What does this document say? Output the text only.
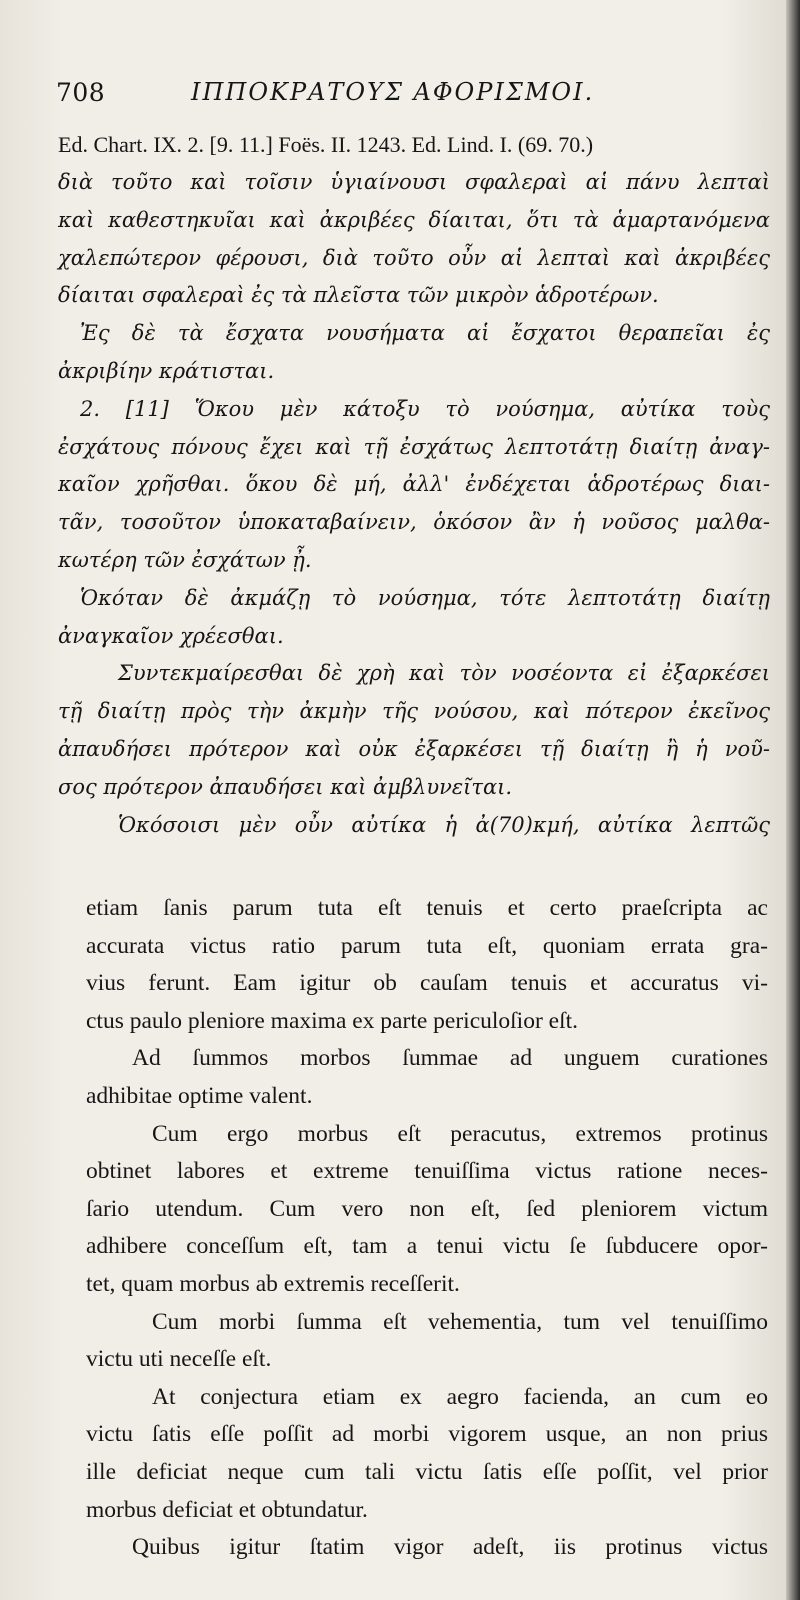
708	ΙΠΠΟΚΡΑΤΟΥΣ ΑΦΟΡΙΣΜΟΙ.
Ed. Chart. IX. 2. [9. 11.] Foës. II. 1243. Ed. Lind. I. (69. 70.)
διὰ τοῦτο καὶ τοῖσιν ὑγιαίνουσι σφαλεραὶ αἱ πάνυ λεπταὶ
καὶ καθεστηκυῖαι καὶ ἀκριβέες δίαιται, ὅτι τὰ ἁμαρτανόμενα
χαλεπώτερον φέρουσι, διὰ τοῦτο οὖν αἱ λεπταὶ καὶ ἀκριβέες
δίαιται σφαλεραὶ ἐς τὰ πλεῖστα τῶν μικρὸν ἁδροτέρων.
Ἐς δὲ τὰ ἔσχατα νουσήματα αἱ ἔσχατοι θεραπεῖαι ἐς
ἀκριβίην κράτισται.
2. [11] Ὅκου μὲν κάτοξυ τὸ νούσημα, αὐτίκα τοὺς
ἐσχάτους πόνους ἔχει καὶ τῇ ἐσχάτως λεπτοτάτῃ διαίτῃ ἀναγ-
καῖον χρῆσθαι. ὅκου δὲ μή, ἀλλ' ἐνδέχεται ἁδροτέρως διαι-
τᾶν, τοσοῦτον ὑποκαταβαίνειν, ὁκόσον ἂν ἡ νοῦσος μαλθα-
κωτέρη τῶν ἐσχάτων ᾖ.
Ὁκόταν δὲ ἀκμάζῃ τὸ νούσημα, τότε λεπτοτάτῃ διαίτῃ
ἀναγκαῖον χρέεσθαι.
Συντεκμαίρεσθαι δὲ χρὴ καὶ τὸν νοσέοντα εἰ ἐξαρκέσει
τῇ διαίτῃ πρὸς τὴν ἀκμὴν τῆς νούσου, καὶ πότερον ἐκεῖνος
ἀπαυδήσει πρότερον καὶ οὐκ ἐξαρκέσει τῇ διαίτῃ ἢ ἡ νοῦ-
σος πρότερον ἀπαυδήσει καὶ ἀμβλυνεῖται.
Ὁκόσοισι μὲν οὖν αὐτίκα ἡ ἀ(70)κμή, αὐτίκα λεπτῶς
etiam ſanis parum tuta eſt tenuis et certo praeſcripta ac
accurata victus ratio parum tuta eſt, quoniam errata gra-
vius ferunt. Eam igitur ob cauſam tenuis et accuratus vi-
ctus paulo pleniore maxima ex parte periculoſior eſt.
Ad ſummos morbos ſummae ad unguem curationes
adhibitae optime valent.
Cum ergo morbus eſt peracutus, extremos protinus
obtinet labores et extreme tenuiſſima victus ratione neces-
ſario utendum. Cum vero non eſt, ſed pleniorem victum
adhibere conceſſum eſt, tam a tenui victu ſe ſubducere opor-
tet, quam morbus ab extremis receſſerit.
Cum morbi ſumma eſt vehementia, tum vel tenuiſſimo
victu uti neceſſe eſt.
At conjectura etiam ex aegro facienda, an cum eo
victu ſatis eſſe poſſit ad morbi vigorem usque, an non prius
ille deficiat neque cum tali victu ſatis eſſe poſſit, vel prior
morbus deficiat et obtundatur.
Quibus igitur ſtatim vigor adeſt, iis protinus victus
